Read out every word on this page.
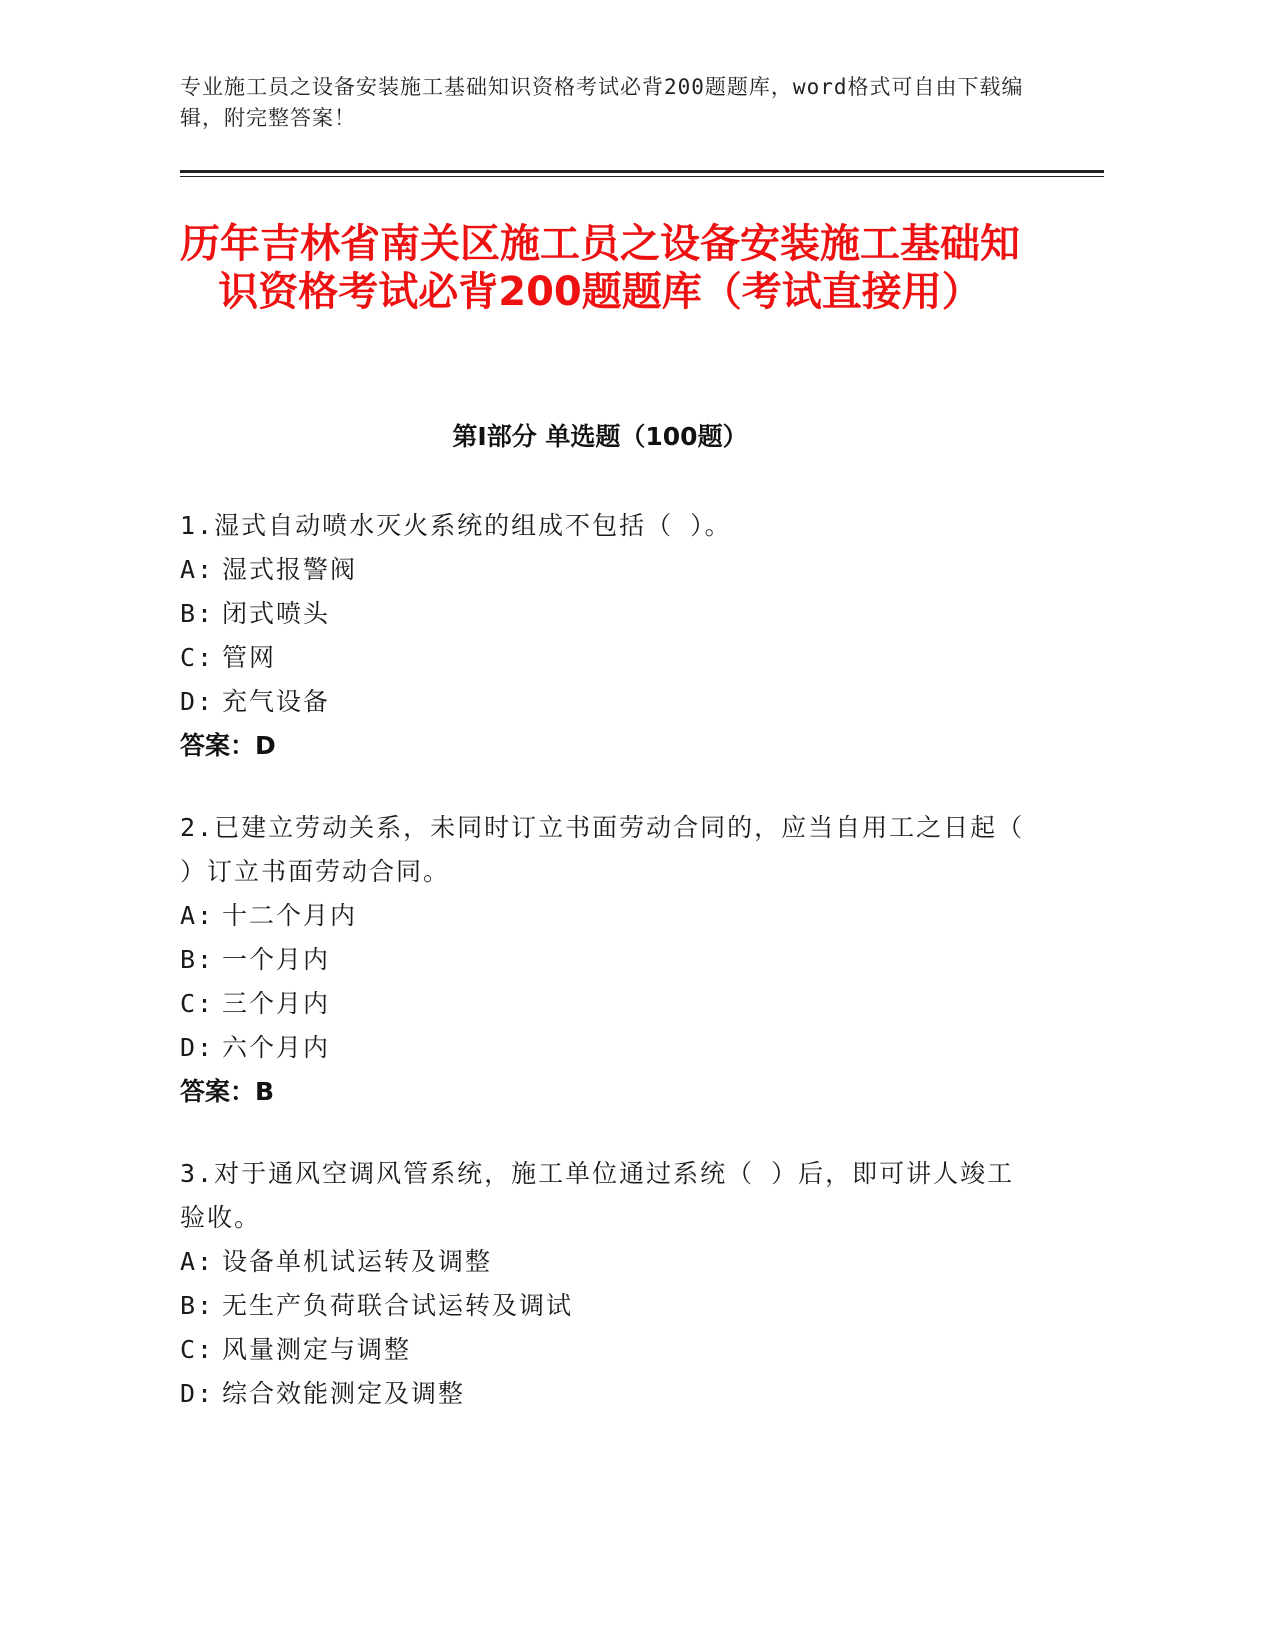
专业施工员之设备安装施工基础知识资格考试必背200题题库，word格式可自由下载编辑，附完整答案！
历年吉林省南关区施工员之设备安装施工基础知识资格考试必背200题题库（考试直接用）
第I部分 单选题（100题）
1.湿式自动喷水灭火系统的组成不包括（ ）。
A: 湿式报警阀
B: 闭式喷头
C: 管网
D: 充气设备
答案：D
2.已建立劳动关系，未同时订立书面劳动合同的，应当自用工之日起（ ）订立书面劳动合同。
A: 十二个月内
B: 一个月内
C: 三个月内
D: 六个月内
答案：B
3.对于通风空调风管系统，施工单位通过系统（ ）后，即可讲人竣工验收。
A: 设备单机试运转及调整
B: 无生产负荷联合试运转及调试
C: 风量测定与调整
D: 综合效能测定及调整
